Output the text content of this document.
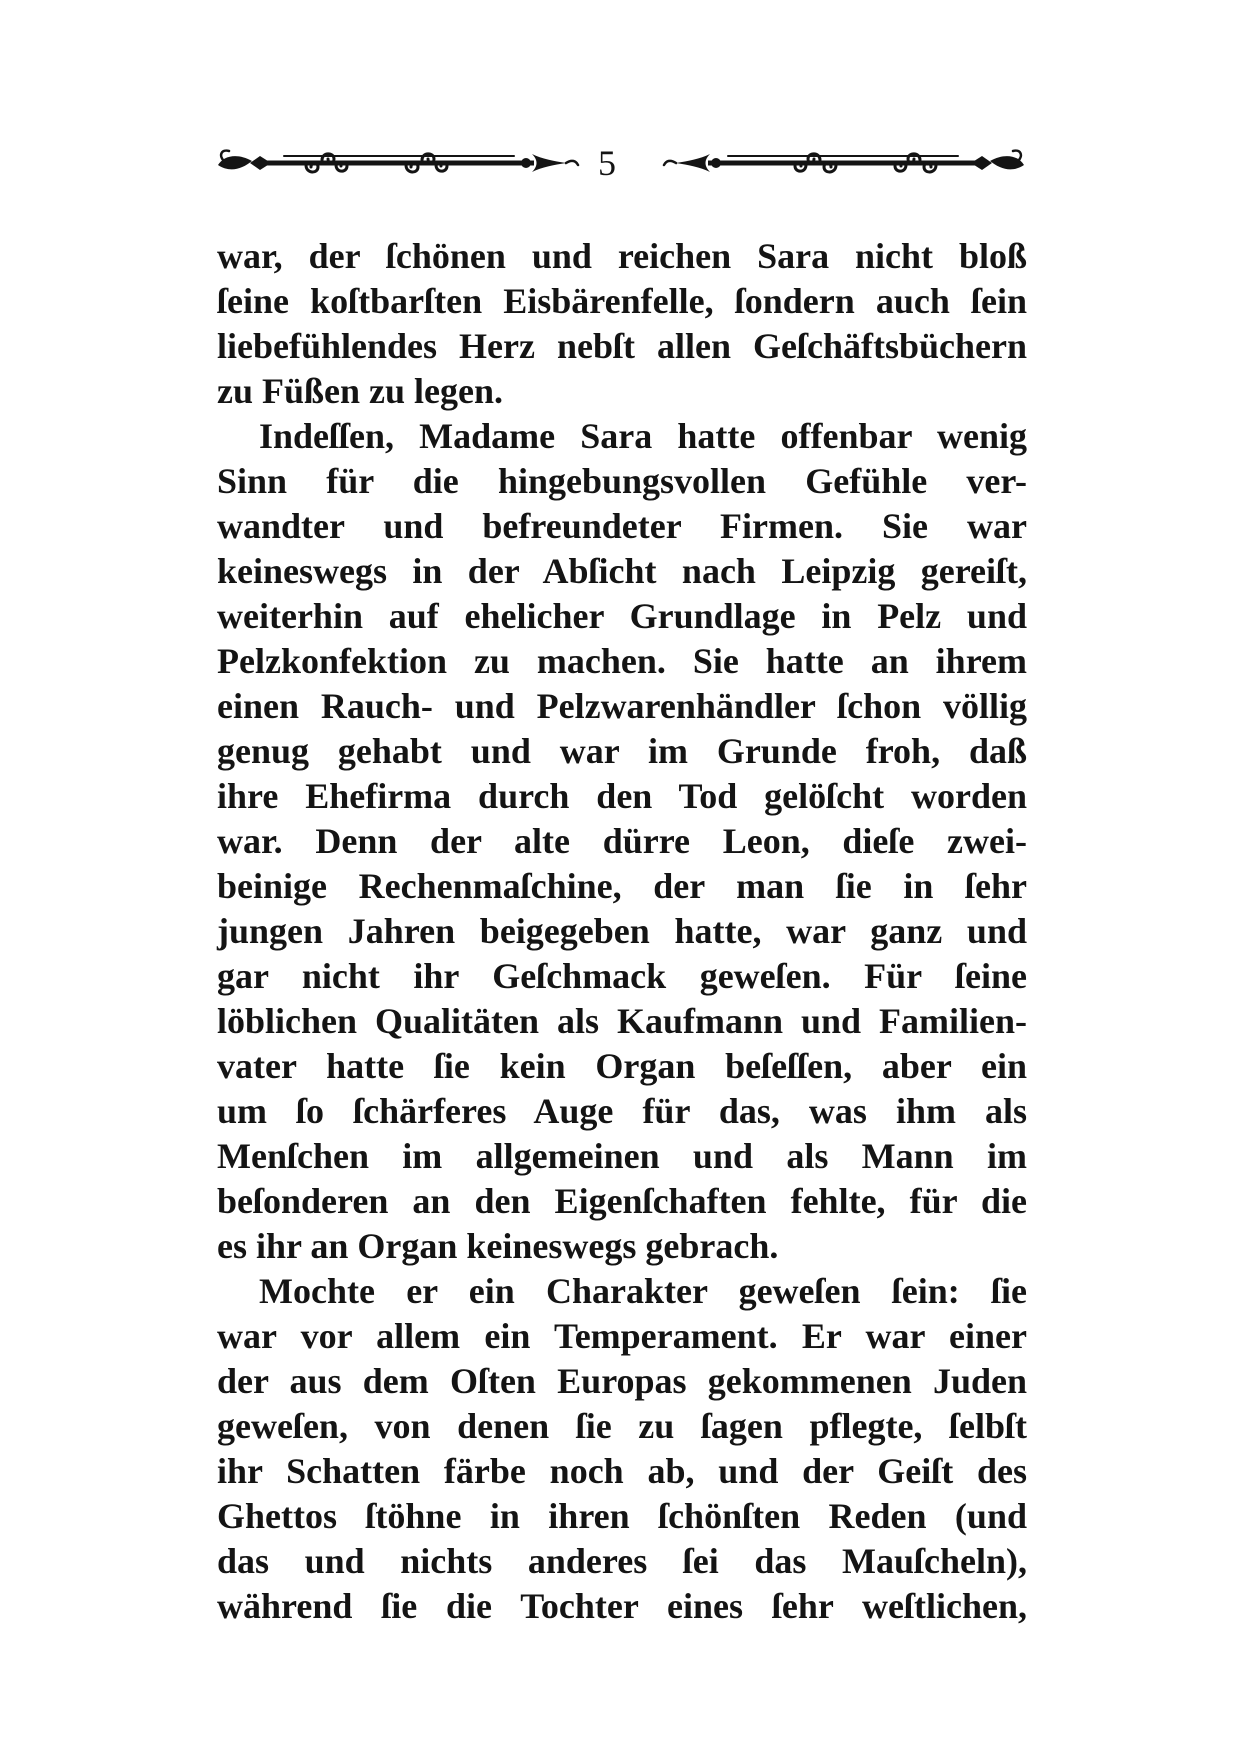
5
war, der ſchönen und reichen Sara nicht bloß
ſeine koſtbarſten Eisbärenfelle, ſondern auch ſein
liebefühlendes Herz nebſt allen Geſchäftsbüchern
zu Füßen zu legen.
Indeſſen, Madame Sara hatte offenbar wenig
Sinn für die hingebungsvollen Gefühle ver-
wandter und befreundeter Firmen. Sie war
keineswegs in der Abſicht nach Leipzig gereiſt,
weiterhin auf ehelicher Grundlage in Pelz und
Pelzkonfektion zu machen. Sie hatte an ihrem
einen Rauch- und Pelzwarenhändler ſchon völlig
genug gehabt und war im Grunde froh, daß
ihre Ehefirma durch den Tod gelöſcht worden
war. Denn der alte dürre Leon, dieſe zwei-
beinige Rechenmaſchine, der man ſie in ſehr
jungen Jahren beigegeben hatte, war ganz und
gar nicht ihr Geſchmack geweſen. Für ſeine
löblichen Qualitäten als Kaufmann und Familien-
vater hatte ſie kein Organ beſeſſen, aber ein
um ſo ſchärferes Auge für das, was ihm als
Menſchen im allgemeinen und als Mann im
beſonderen an den Eigenſchaften fehlte, für die
es ihr an Organ keineswegs gebrach.
Mochte er ein Charakter geweſen ſein: ſie
war vor allem ein Temperament. Er war einer
der aus dem Oſten Europas gekommenen Juden
geweſen, von denen ſie zu ſagen pflegte, ſelbſt
ihr Schatten färbe noch ab, und der Geiſt des
Ghettos ſtöhne in ihren ſchönſten Reden (und
das und nichts anderes ſei das Mauſcheln),
während ſie die Tochter eines ſehr weſtlichen,
